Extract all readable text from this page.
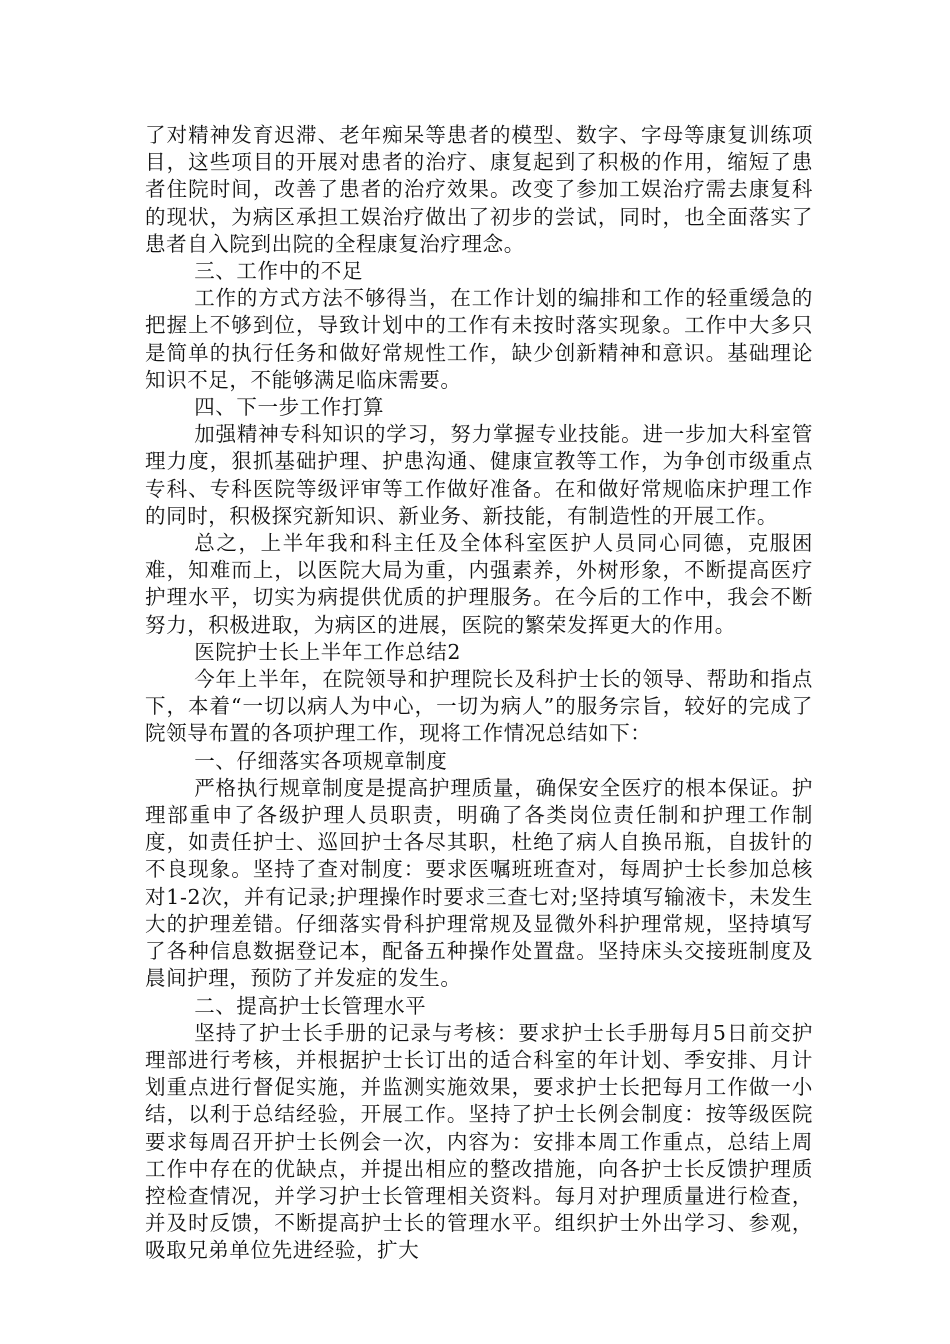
了对精神发育迟滞、老年痴呆等患者的模型、数字、字母等康复训练项目，这些项目的开展对患者的治疗、康复起到了积极的作用，缩短了患者住院时间，改善了患者的治疗效果。改变了参加工娱治疗需去康复科的现状，为病区承担工娱治疗做出了初步的尝试，同时，也全面落实了患者自入院到出院的全程康复治疗理念。

三、工作中的不足

工作的方式方法不够得当，在工作计划的编排和工作的轻重缓急的把握上不够到位，导致计划中的工作有未按时落实现象。工作中大多只是简单的执行任务和做好常规性工作，缺少创新精神和意识。基础理论知识不足，不能够满足临床需要。

四、下一步工作打算

加强精神专科知识的学习，努力掌握专业技能。进一步加大科室管理力度，狠抓基础护理、护患沟通、健康宣教等工作，为争创市级重点专科、专科医院等级评审等工作做好准备。在和做好常规临床护理工作的同时，积极探究新知识、新业务、新技能，有制造性的开展工作。

总之，上半年我和科主任及全体科室医护人员同心同德，克服困难，知难而上，以医院大局为重，内强素养，外树形象，不断提高医疗护理水平，切实为病提供优质的护理服务。在今后的工作中，我会不断努力，积极进取，为病区的进展，医院的繁荣发挥更大的作用。

医院护士长上半年工作总结2

今年上半年，在院领导和护理院长及科护士长的领导、帮助和指点下，本着“一切以病人为中心，一切为病人”的服务宗旨，较好的完成了院领导布置的各项护理工作，现将工作情况总结如下：

一、仔细落实各项规章制度

严格执行规章制度是提高护理质量，确保安全医疗的根本保证。护理部重申了各级护理人员职责，明确了各类岗位责任制和护理工作制度，如责任护士、巡回护士各尽其职，杜绝了病人自换吊瓶，自拔针的不良现象。坚持了查对制度：要求医嘱班班查对，每周护士长参加总核对1-2次，并有记录;护理操作时要求三查七对;坚持填写输液卡，未发生大的护理差错。仔细落实骨科护理常规及显微外科护理常规，坚持填写了各种信息数据登记本，配备五种操作处置盘。坚持床头交接班制度及晨间护理，预防了并发症的发生。

二、提高护士长管理水平

坚持了护士长手册的记录与考核：要求护士长手册每月5日前交护理部进行考核，并根据护士长订出的适合科室的年计划、季安排、月计划重点进行督促实施，并监测实施效果，要求护士长把每月工作做一小结，以利于总结经验，开展工作。坚持了护士长例会制度：按等级医院要求每周召开护士长例会一次，内容为：安排本周工作重点，总结上周工作中存在的优缺点，并提出相应的整改措施，向各护士长反馈护理质控检查情况，并学习护士长管理相关资料。每月对护理质量进行检查，并及时反馈，不断提高护士长的管理水平。组织护士外出学习、参观，吸取兄弟单位先进经验，扩大
